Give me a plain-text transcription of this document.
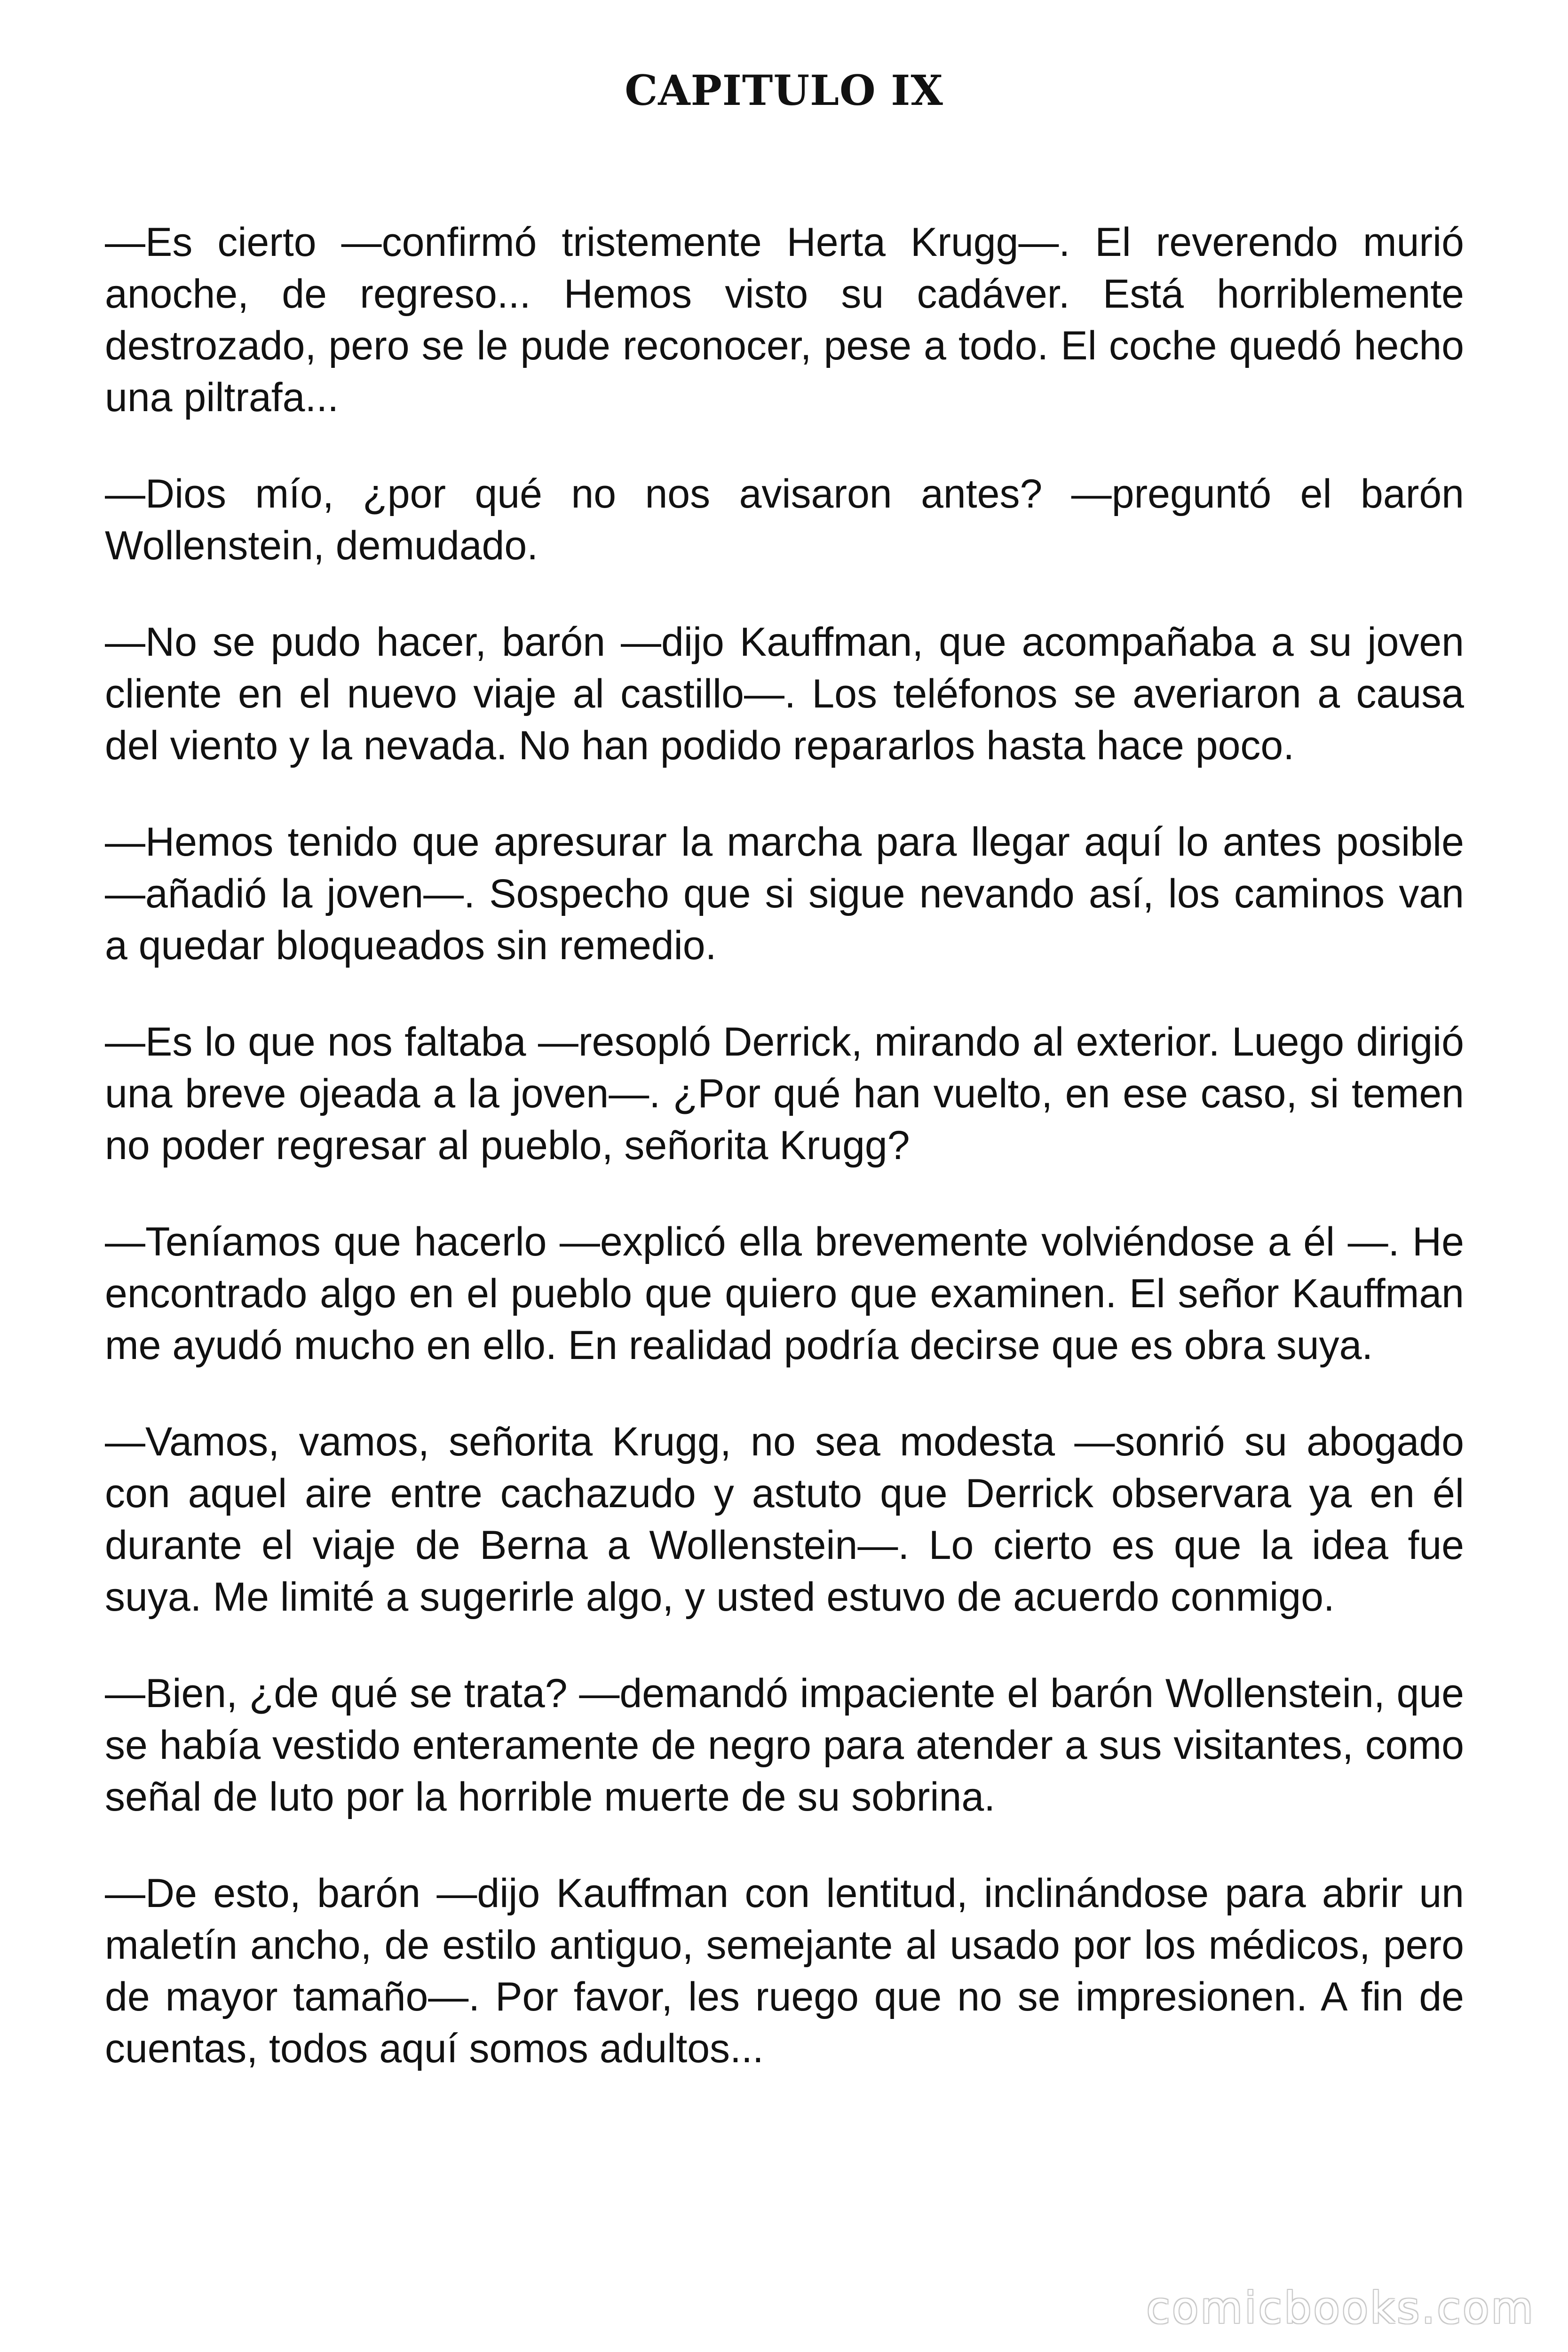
CAPITULO IX

—Es cierto —confirmó tristemente Herta Krugg—. El reverendo murió anoche, de regreso... Hemos visto su cadáver. Está horriblemente destrozado, pero se le pude reconocer, pese a todo. El coche quedó hecho una piltrafa...

—Dios mío, ¿por qué no nos avisaron antes? —preguntó el barón Wollenstein, demudado.

—No se pudo hacer, barón —dijo Kauffman, que acompañaba a su joven cliente en el nuevo viaje al castillo—. Los teléfonos se averiaron a causa del viento y la nevada. No han podido repararlos hasta hace poco.

—Hemos tenido que apresurar la marcha para llegar aquí lo antes posible —añadió la joven—. Sospecho que si sigue nevando así, los caminos van a quedar bloqueados sin remedio.

—Es lo que nos faltaba —resopló Derrick, mirando al exterior. Luego dirigió una breve ojeada a la joven—. ¿Por qué han vuelto, en ese caso, si temen no poder regresar al pueblo, señorita Krugg?

—Teníamos que hacerlo —explicó ella brevemente volviéndose a él —. He encontrado algo en el pueblo que quiero que examinen. El señor Kauffman me ayudó mucho en ello. En realidad podría decirse que es obra suya.

—Vamos, vamos, señorita Krugg, no sea modesta —sonrió su abogado con aquel aire entre cachazudo y astuto que Derrick observara ya en él durante el viaje de Berna a Wollenstein—. Lo cierto es que la idea fue suya. Me limité a sugerirle algo, y usted estuvo de acuerdo conmigo.

—Bien, ¿de qué se trata? —demandó impaciente el barón Wollenstein, que se había vestido enteramente de negro para atender a sus visitantes, como señal de luto por la horrible muerte de su sobrina.

—De esto, barón —dijo Kauffman con lentitud, inclinándose para abrir un maletín ancho, de estilo antiguo, semejante al usado por los médicos, pero de mayor tamaño—. Por favor, les ruego que no se impresionen. A fin de cuentas, todos aquí somos adultos...

comicbooks.com
